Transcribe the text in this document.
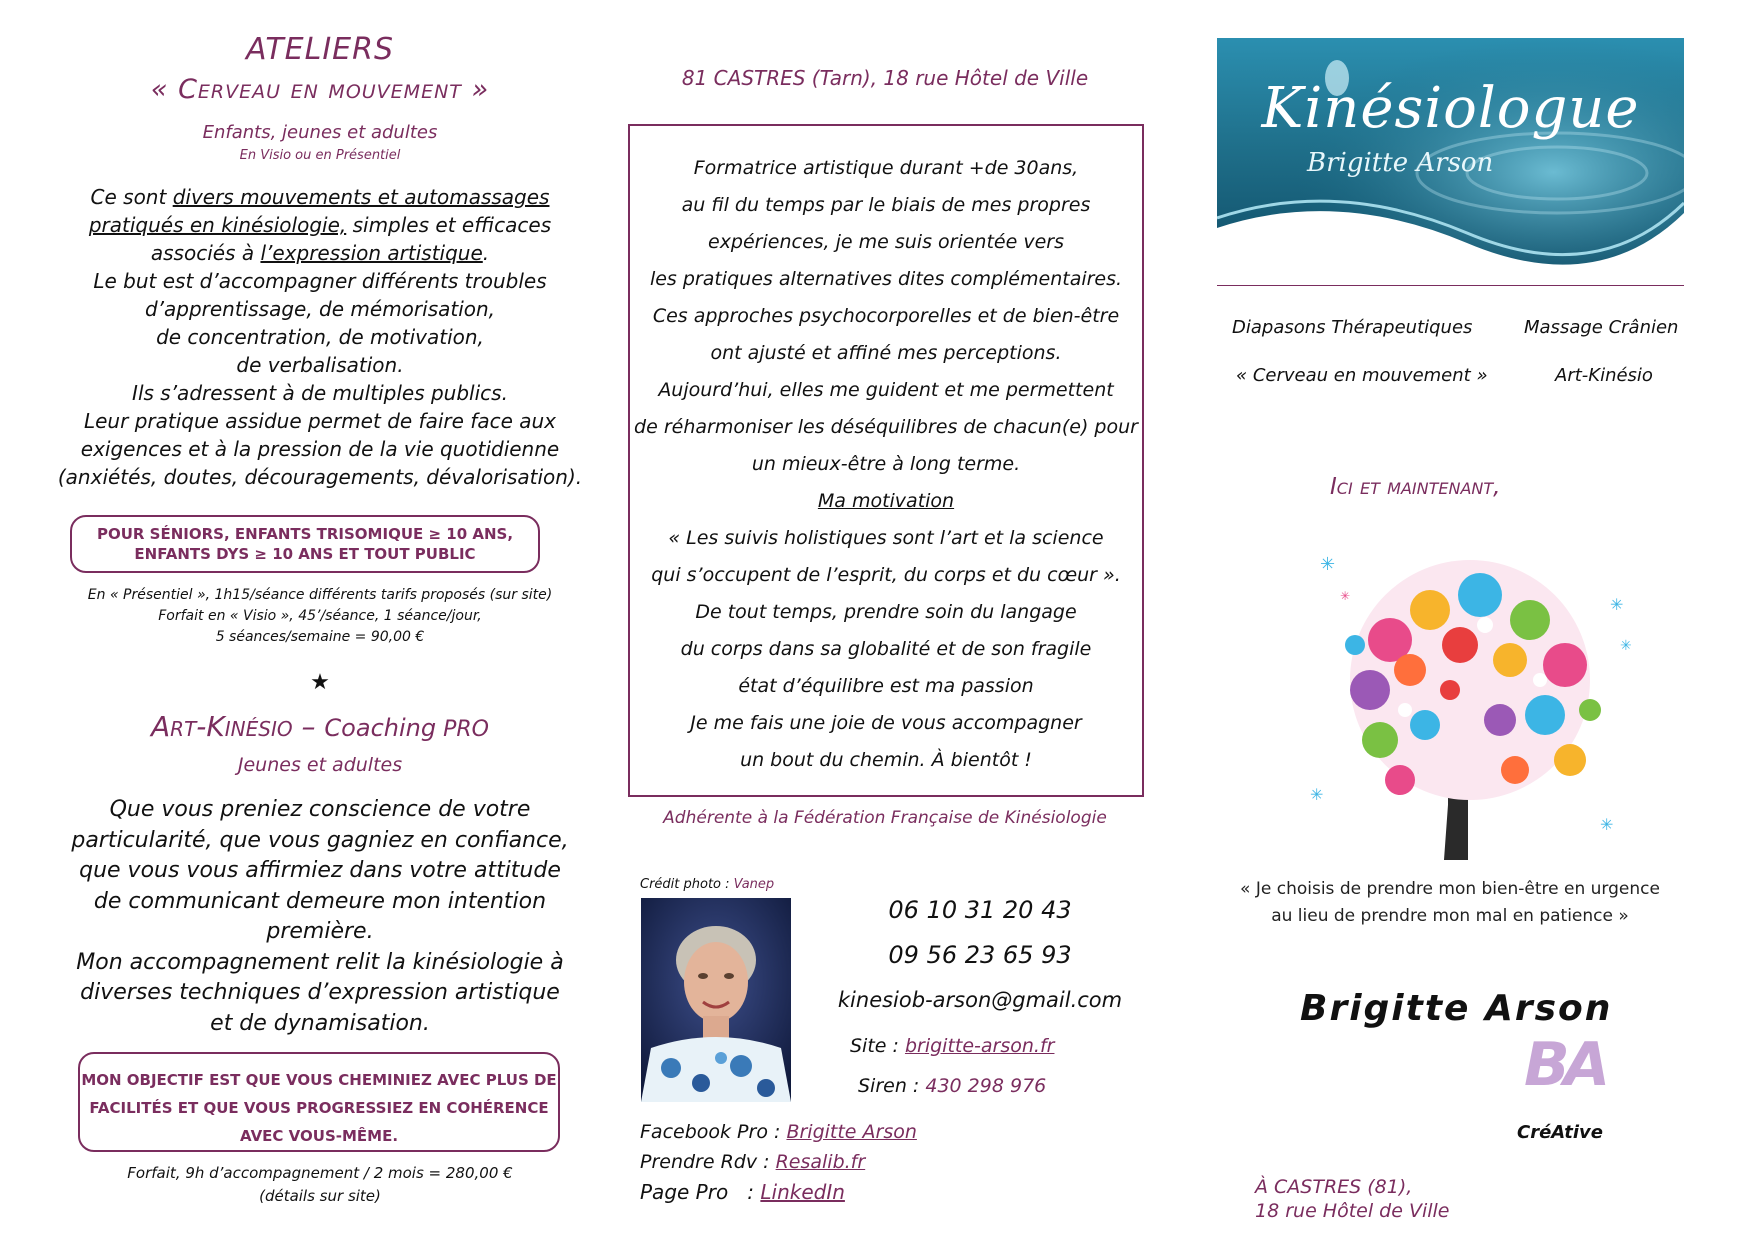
ATELIERS
« Cerveau en mouvement »
Enfants, jeunes et adultes
En Visio ou en Présentiel
Ce sont divers mouvements et automassages
pratiqués en kinésiologie, simples et efficaces
associés à l’expression artistique.
Le but est d’accompagner différents troubles
d’apprentissage, de mémorisation,
de concentration, de motivation,
de verbalisation.
Ils s’adressent à de multiples publics.
Leur pratique assidue permet de faire face aux
exigences et à la pression de la vie quotidienne
(anxiétés, doutes, découragements, dévalorisation).
POUR SÉNIORS, ENFANTS TRISOMIQUE ≥ 10 ANS,
ENFANTS DYS ≥ 10 ANS ET TOUT PUBLIC
En « Présentiel », 1h15/séance différents tarifs proposés (sur site)
Forfait en « Visio », 45’/séance, 1 séance/jour,
5 séances/semaine = 90,00 €
★
Art-Kinésio – Coaching PRO
Jeunes et adultes
Que vous preniez conscience de votre
particularité, que vous gagniez en confiance,
que vous vous affirmiez dans votre attitude
de communicant demeure mon intention
première.
Mon accompagnement relit la kinésiologie à
diverses techniques d’expression artistique
et de dynamisation.
MON OBJECTIF EST QUE VOUS CHEMINIEZ AVEC PLUS DE
FACILITÉS ET QUE VOUS PROGRESSIEZ EN COHÉRENCE
AVEC VOUS-MÊME.
Forfait, 9h d’accompagnement / 2 mois = 280,00 €
(détails sur site)
81 CASTRES (Tarn), 18 rue Hôtel de Ville
Formatrice artistique durant +de 30ans,
au fil du temps par le biais de mes propres
expériences, je me suis orientée vers
les pratiques alternatives dites complémentaires.
Ces approches psychocorporelles et de bien-être
ont ajusté et affiné mes perceptions.
Aujourd’hui, elles me guident et me permettent
de réharmoniser les déséquilibres de chacun(e) pour
un mieux-être à long terme.
Ma motivation
« Les suivis holistiques sont l’art et la science
qui s’occupent de l’esprit, du corps et du cœur ».
De tout temps, prendre soin du langage
du corps dans sa globalité et de son fragile
état d’équilibre est ma passion
Je me fais une joie de vous accompagner
un bout du chemin. À bientôt !
Adhérente à la Fédération Française de Kinésiologie
Crédit photo : Vanep
06 10 31 20 43
09 56 23 65 93
kinesiob-arson@gmail.com
Site : brigitte-arson.fr
Siren : 430 298 976
Facebook Pro : Brigitte Arson
Prendre Rdv : Resalib.fr
Page Pro   : LinkedIn
Kinésiologue
Brigitte Arson
Diapasons Thérapeutiques	Massage Crânien
« Cerveau en mouvement »	Art-Kinésio
Ici et maintenant,
✳
✳
✳
✳
✳
✳
« Je choisis de prendre mon bien-être en urgence
au lieu de prendre mon mal en patience »
Brigitte Arson
BA
CréAtive
À CASTRES (81),
18 rue Hôtel de Ville
